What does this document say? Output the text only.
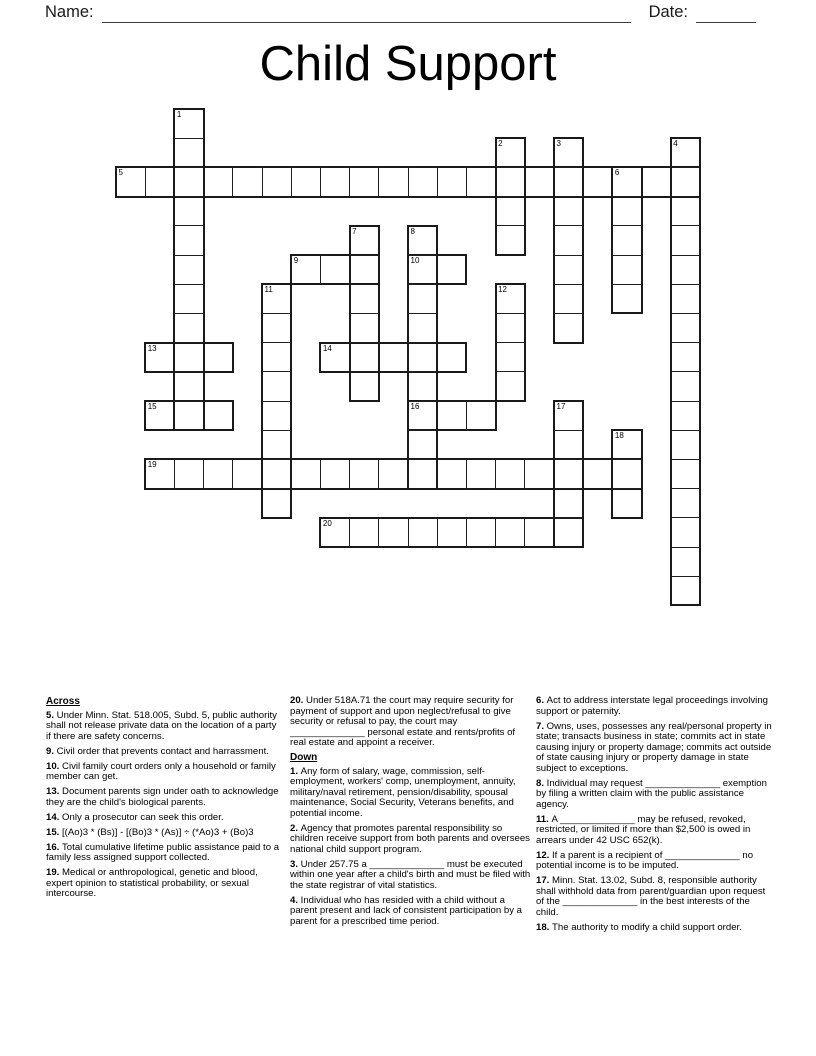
Name:	Date:
Child Support
5
9	10
13	14
15	16
19
20
1
2	3	4
6
7	8
11	12
17
18
Across

5. Under Minn. Stat. 518.005, Subd. 5, public authority shall not release private data on the location of a party if there are safety concerns.

9. Civil order that prevents contact and harrassment.

10. Civil family court orders only a household or family member can get.

13. Document parents sign under oath to acknowledge they are the child's biological parents.

14. Only a prosecutor can seek this order.

15. [(Ao)3 * (Bs)] - [(Bo)3 * (As)] ÷ (*Ao)3 + (Bo)3

16. Total cumulative lifetime public assistance paid to a family less assigned support collected.

19. Medical or anthropological, genetic and blood, expert opinion to statistical probability, or sexual intercourse.

20. Under 518A.71 the court may require security for payment of support and upon neglect/refusal to give security or refusal to pay, the court may ______________ personal estate and rents/profits of real estate and appoint a receiver.

Down

1. Any form of salary, wage, commission, self-employment, workers' comp, unemployment, annuity, military/naval retirement, pension/disability, spousal maintenance, Social Security, Veterans benefits, and potential income.

2. Agency that promotes parental responsibility so children receive support from both parents and oversees national child support program.

3. Under 257.75 a ______________ must be executed within one year after a child's birth and must be filed with the state registrar of vital statistics.

4. Individual who has resided with a child without a parent present and lack of consistent participation by a parent for a prescribed time period.

6. Act to address interstate legal proceedings involving support or paternity.

7. Owns, uses, possesses any real/personal property in state; transacts business in state; commits act in state causing injury or property damage; commits act outside of state causing injury or property damage in state subject to exceptions.

8. Individual may request ______________ exemption by filing a written claim with the public assistance agency.

11. A ______________ may be refused, revoked, restricted, or limited if more than $2,500 is owed in arrears under 42 USC 652(k).

12. If a parent is a recipient of ______________ no potential income is to be imputed.

17. Minn. Stat. 13.02, Subd. 8, responsible authority shall withhold data from parent/guardian upon request of the ______________ in the best interests of the child.

18. The authority to modify a child support order.
